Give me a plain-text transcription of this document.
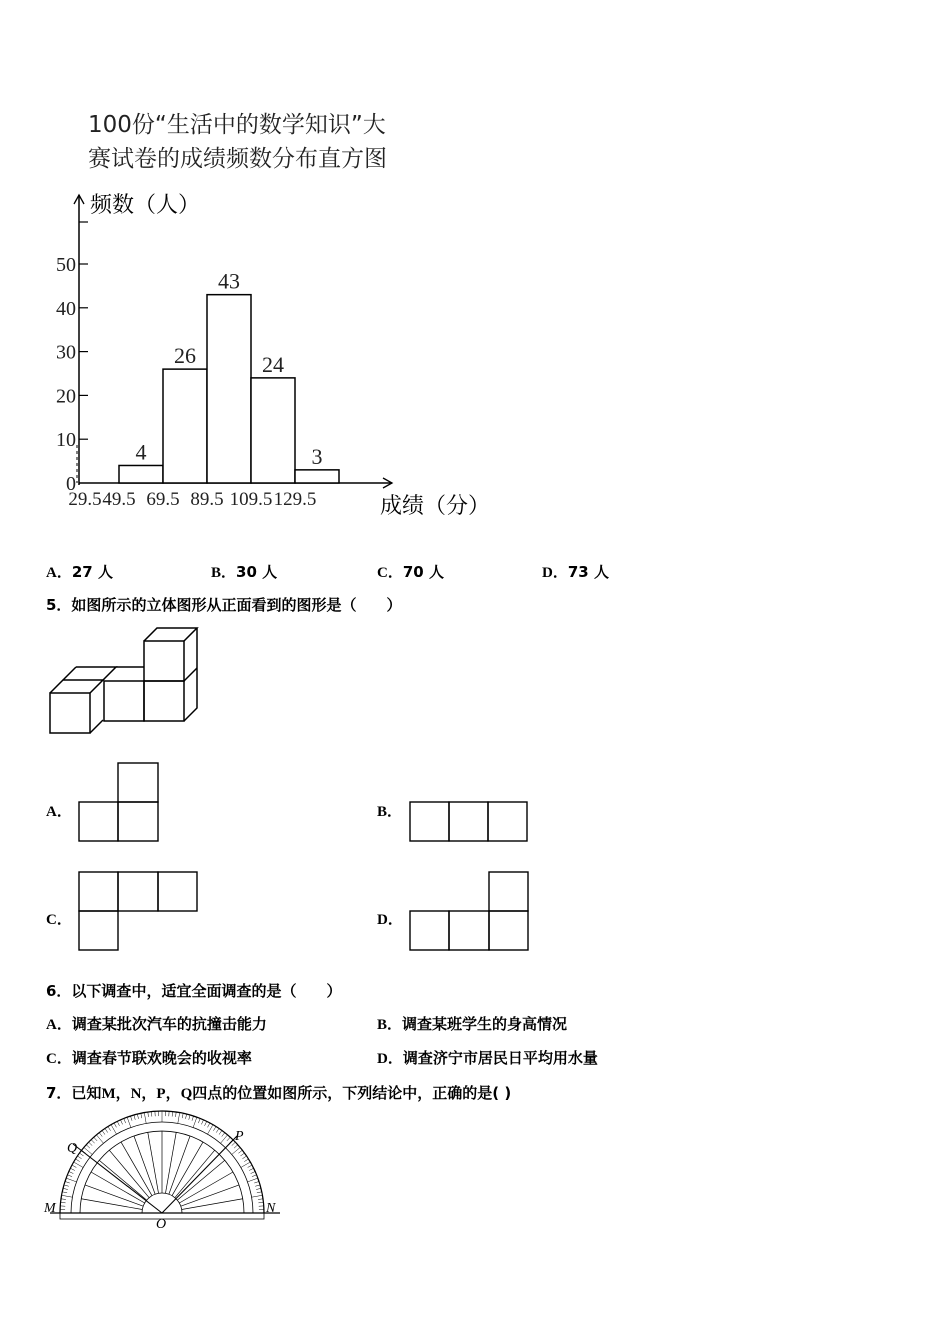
100份“生活中的数学知识”大
赛试卷的成绩频数分布直方图
频数（人）
成绩（分）
0
10
20
30
40
50
29.5 49.5 69.5 89.5 109.5 129.5
4
26
43
24
3
M	N
P
Q
O
A．27 人	B．30 人	C．70 人	D．73 人
5．如图所示的立体图形从正面看到的图形是（　　）
A．	B．
C．	D．
6．以下调查中，适宜全面调查的是（　　）
A．调查某批次汽车的抗撞击能力	B．调查某班学生的身高情况
C．调查春节联欢晚会的收视率	D．调查济宁市居民日平均用水量
7．已知M，N，P，Q四点的位置如图所示，下列结论中，正确的是( )
